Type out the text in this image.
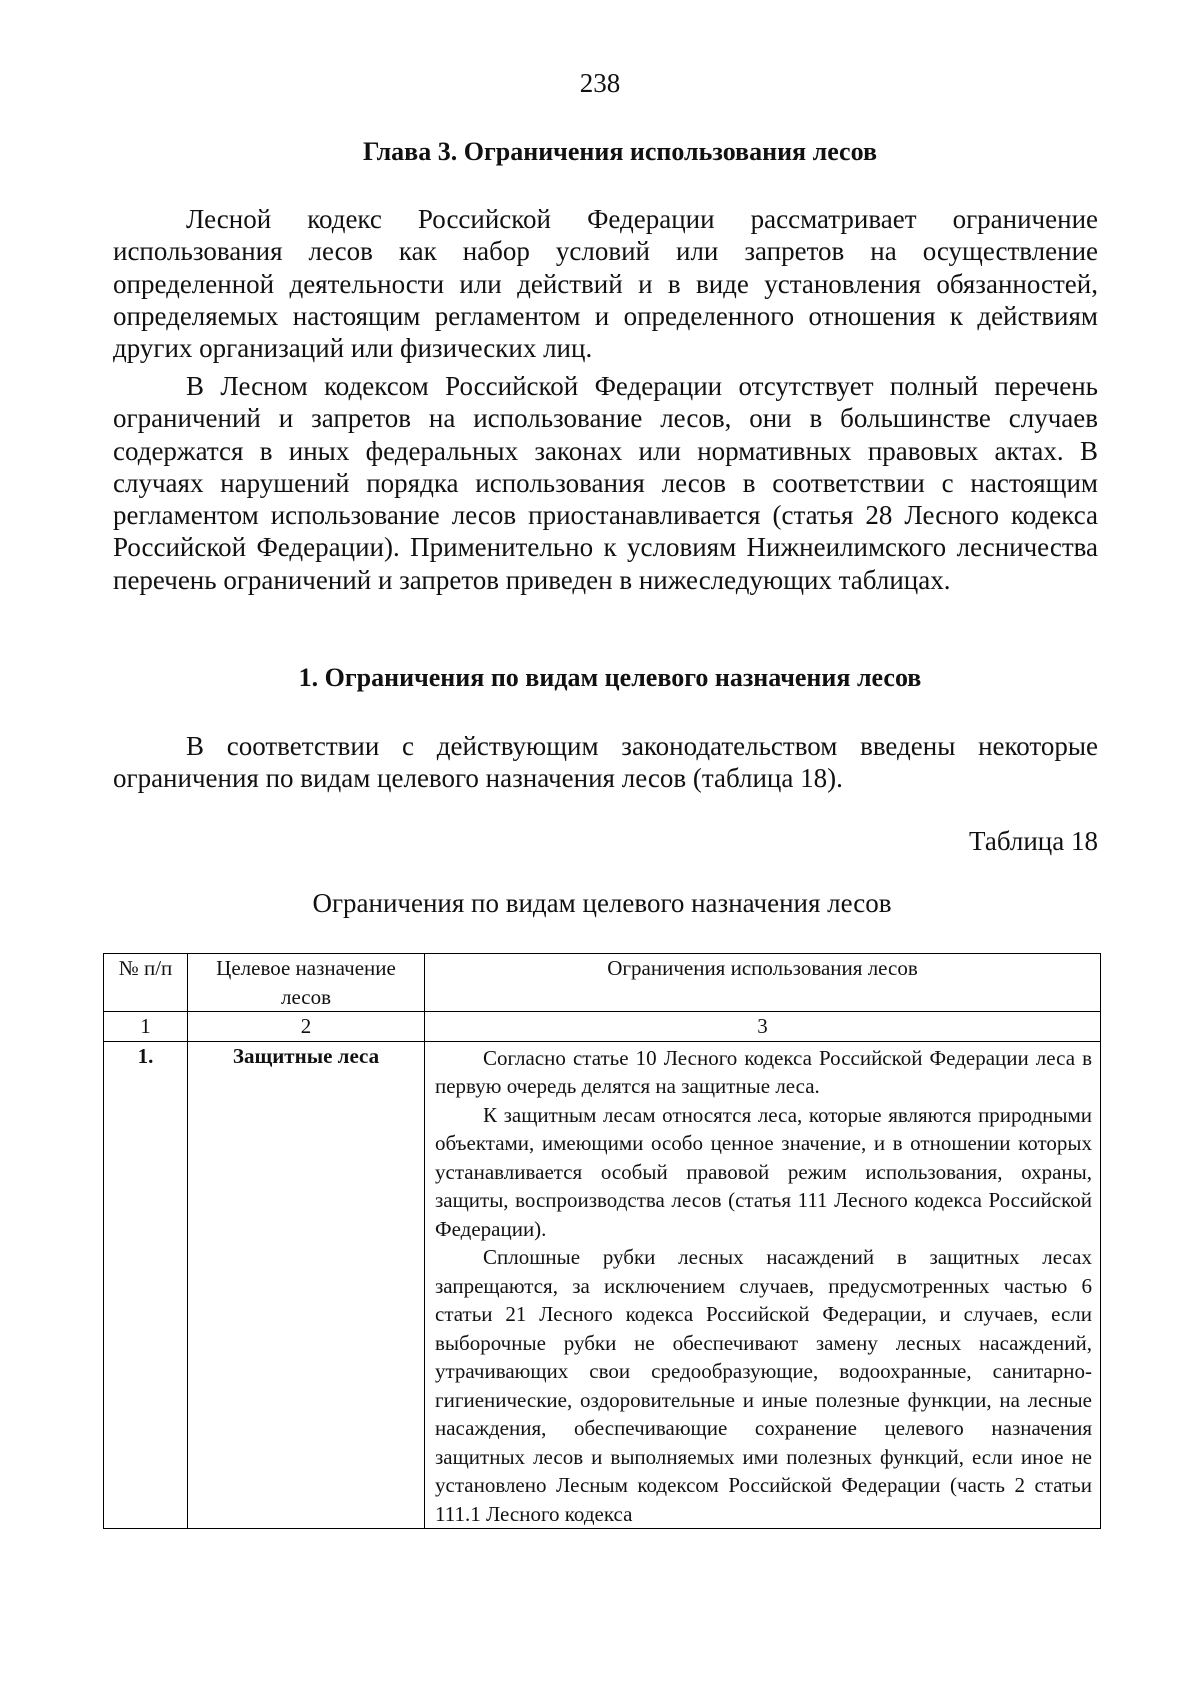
238
Глава 3. Ограничения использования лесов

Лесной кодекс Российской Федерации рассматривает ограничение использования лесов как набор условий или запретов на осуществление определенной деятельности или действий и в виде установления обязанностей, определяемых настоящим регламентом и определенного отношения к действиям других организаций или физических лиц.

В Лесном кодексом Российской Федерации отсутствует полный перечень ограничений и запретов на использование лесов, они в большинстве случаев содержатся в иных федеральных законах или нормативных правовых актах. В случаях нарушений порядка использования лесов в соответствии с настоящим регламентом использование лесов приостанавливается (статья 28 Лесного кодекса Российской Федерации). Применительно к условиям Нижнеилимского лесничества перечень ограничений и запретов приведен в нижеследующих таблицах.

1. Ограничения по видам целевого назначения лесов

В соответствии с действующим законодательством введены некоторые ограничения по видам целевого назначения лесов (таблица 18).

Таблица 18
Ограничения по видам целевого назначения лесов
№ п/п	Целевое назначение лесов	Ограничения использования лесов
1	2	3
1.	Защитные леса	Согласно статье 10 Лесного кодекса Российской Федерации леса в первую очередь делятся на защитные леса.

К защитным лесам относятся леса, которые являются природными объектами, имеющими особо ценное значение, и в отношении которых устанавливается особый правовой режим использования, охраны, защиты, воспроизводства лесов (статья 111 Лесного кодекса Российской Федерации).

Сплошные рубки лесных насаждений в защитных лесах запрещаются, за исключением случаев, предусмотренных частью 6 статьи 21 Лесного кодекса Российской Федерации, и случаев, если выборочные рубки не обеспечивают замену лесных насаждений, утрачивающих свои средообразующие, водоохранные, санитарно-гигиенические, оздоровительные и иные полезные функции, на лесные насаждения, обеспечивающие сохранение целевого назначения защитных лесов и выполняемых ими полезных функций, если иное не установлено Лесным кодексом Российской Федерации (часть 2 статьи 111.1 Лесного кодекса
